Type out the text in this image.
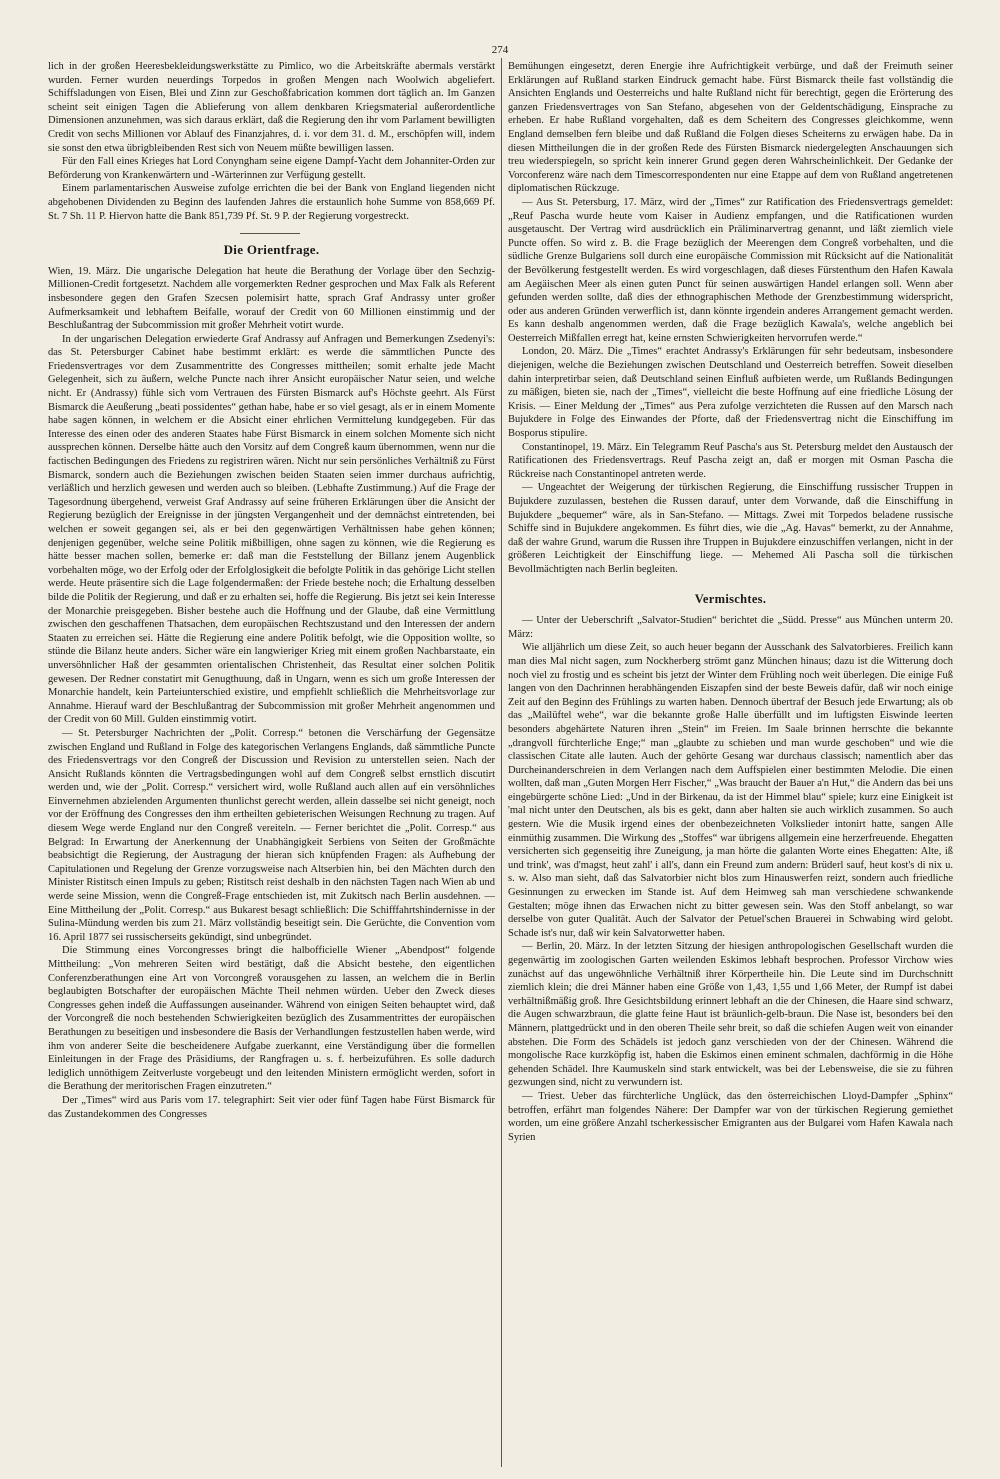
274

lich in der großen Heeresbekleidungswerkstätte zu Pimlico, wo die Arbeitskräfte abermals verstärkt wurden. Ferner wurden neuerdings Torpedos in großen Mengen nach Woolwich abgeliefert. Schiffsladungen von Eisen, Blei und Zinn zur Geschoßfabrication kommen dort täglich an. Im Ganzen scheint seit einigen Tagen die Ablieferung von allem denkbaren Kriegsmaterial außerordentliche Dimensionen anzunehmen, was sich daraus erklärt, daß die Regierung den ihr vom Parlament bewilligten Credit von sechs Millionen vor Ablauf des Finanzjahres, d. i. vor dem 31. d. M., erschöpfen will, indem sie sonst den etwa übrigbleibenden Rest sich von Neuem müßte bewilligen lassen.

Für den Fall eines Krieges hat Lord Conyngham seine eigene Dampf-Yacht dem Johanniter-Orden zur Beförderung von Krankenwärtern und -Wärterinnen zur Verfügung gestellt.

Einem parlamentarischen Ausweise zufolge errichten die bei der Bank von England liegenden nicht abgehobenen Dividenden zu Beginn des laufenden Jahres die erstaunlich hohe Summe von 858,669 Pf. St. 7 Sh. 11 P. Hiervon hatte die Bank 851,739 Pf. St. 9 P. der Regierung vorgestreckt.

Die Orientfrage.

Wien, 19. März. Die ungarische Delegation hat heute die Berathung der Vorlage über den Sechzig-Millionen-Credit fortgesetzt. Nachdem alle vorgemerkten Redner gesprochen und Max Falk als Referent insbesondere gegen den Grafen Szecsen polemisirt hatte, sprach Graf Andrassy unter großer Aufmerksamkeit und lebhaftem Beifalle, worauf der Credit von 60 Millionen einstimmig und der Beschlußantrag der Subcommission mit großer Mehrheit votirt wurde.

In der ungarischen Delegation erwiederte Graf Andrassy auf Anfragen und Bemerkungen Zsedenyi's: das St. Petersburger Cabinet habe bestimmt erklärt: es werde die sämmtlichen Puncte des Friedensvertrages vor dem Zusammentritte des Congresses mittheilen; somit erhalte jede Macht Gelegenheit, sich zu äußern, welche Puncte nach ihrer Ansicht europäischer Natur seien, und welche nicht. Er (Andrassy) fühle sich vom Vertrauen des Fürsten Bismarck auf's Höchste geehrt. Als Fürst Bismarck die Aeußerung „beati possidentes“ gethan habe, habe er so viel gesagt, als er in einem Momente habe sagen können, in welchem er die Absicht einer ehrlichen Vermittelung kundgegeben. Für das Interesse des einen oder des anderen Staates habe Fürst Bismarck in einem solchen Momente sich nicht aussprechen können. Derselbe hätte auch den Vorsitz auf dem Congreß kaum übernommen, wenn nur die factischen Bedingungen des Friedens zu registriren wären. Nicht nur sein persönliches Verhältniß zu Fürst Bismarck, sondern auch die Beziehungen zwischen beiden Staaten seien immer durchaus aufrichtig, verläßlich und herzlich gewesen und werden auch so bleiben. (Lebhafte Zustimmung.) Auf die Frage der Tagesordnung übergehend, verweist Graf Andrassy auf seine früheren Erklärungen über die Ansicht der Regierung bezüglich der Ereignisse in der jüngsten Vergangenheit und der demnächst eintretenden, bei welchen er soweit gegangen sei, als er bei den gegenwärtigen Verhältnissen habe gehen können; denjenigen gegenüber, welche seine Politik mißbilligen, ohne sagen zu können, wie die Regierung es hätte besser machen sollen, bemerke er: daß man die Feststellung der Billanz jenem Augenblick vorbehalten möge, wo der Erfolg oder der Erfolglosigkeit die befolgte Politik in das gehörige Licht stellen werde. Heute präsentire sich die Lage folgendermaßen: der Friede bestehe noch; die Erhaltung desselben bilde die Politik der Regierung, und daß er zu erhalten sei, hoffe die Regierung. Bis jetzt sei kein Interesse der Monarchie preisgegeben. Bisher bestehe auch die Hoffnung und der Glaube, daß eine Vermittlung zwischen den geschaffenen Thatsachen, dem europäischen Rechtszustand und den Interessen der andern Staaten zu erreichen sei. Hätte die Regierung eine andere Politik befolgt, wie die Opposition wollte, so stünde die Bilanz heute anders. Sicher wäre ein langwieriger Krieg mit einem großen Nachbarstaate, ein unversöhnlicher Haß der gesammten orientalischen Christenheit, das Resultat einer solchen Politik gewesen. Der Redner constatirt mit Genugthuung, daß in Ungarn, wenn es sich um große Interessen der Monarchie handelt, kein Parteiunterschied existire, und empfiehlt schließlich die Mehrheitsvorlage zur Annahme. Hierauf ward der Beschlußantrag der Subcommission mit großer Mehrheit angenommen und der Credit von 60 Mill. Gulden einstimmig votirt.

— St. Petersburger Nachrichten der „Polit. Corresp.“ betonen die Verschärfung der Gegensätze zwischen England und Rußland in Folge des kategorischen Verlangens Englands, daß sämmtliche Puncte des Friedensvertrags vor den Congreß der Discussion und Revision zu unterstellen seien. Nach der Ansicht Rußlands könnten die Vertragsbedingungen wohl auf dem Congreß selbst ernstlich discutirt werden und, wie der „Polit. Corresp.“ versichert wird, wolle Rußland auch allen auf ein versöhnliches Einvernehmen abzielenden Argumenten thunlichst gerecht werden, allein dasselbe sei nicht geneigt, noch vor der Eröffnung des Congresses den ihm ertheilten gebieterischen Weisungen Rechnung zu tragen. Auf diesem Wege werde England nur den Congreß vereiteln. — Ferner berichtet die „Polit. Corresp.“ aus Belgrad: In Erwartung der Anerkennung der Unabhängigkeit Serbiens von Seiten der Großmächte beabsichtigt die Regierung, der Austragung der hieran sich knüpfenden Fragen: als Aufhebung der Capitulationen und Regelung der Grenze vorzugsweise nach Altserbien hin, bei den Mächten durch den Minister Ristitsch einen Impuls zu geben; Ristitsch reist deshalb in den nächsten Tagen nach Wien ab und werde seine Mission, wenn die Congreß-Frage entschieden ist, mit Zukitsch nach Berlin ausdehnen. — Eine Mittheilung der „Polit. Corresp.“ aus Bukarest besagt schließlich: Die Schifffahrtshindernisse in der Sulina-Mündung werden bis zum 21. März vollständig beseitigt sein. Die Gerüchte, die Convention vom 16. April 1877 sei russischerseits gekündigt, sind unbegründet.

Die Stimmung eines Vorcongresses bringt die halbofficielle Wiener „Abendpost“ folgende Mittheilung: „Von mehreren Seiten wird bestätigt, daß die Absicht bestehe, den eigentlichen Conferenzberathungen eine Art von Vorcongreß vorausgehen zu lassen, an welchem die in Berlin beglaubigten Botschafter der europäischen Mächte Theil nehmen würden. Ueber den Zweck dieses Congresses gehen indeß die Auffassungen auseinander. Während von einigen Seiten behauptet wird, daß der Vorcongreß die noch bestehenden Schwierigkeiten bezüglich des Zusammentrittes der europäischen Berathungen zu beseitigen und insbesondere die Basis der Verhandlungen festzustellen haben werde, wird ihm von anderer Seite die bescheidenere Aufgabe zuerkannt, eine Verständigung über die formellen Einleitungen in der Frage des Präsidiums, der Rangfragen u. s. f. herbeizuführen. Es solle dadurch lediglich unnöthigem Zeitverluste vorgebeugt und den leitenden Ministern ermöglicht werden, sofort in die Berathung der meritorischen Fragen einzutreten.“

Der „Times“ wird aus Paris vom 17. telegraphirt: Seit vier oder fünf Tagen habe Fürst Bismarck für das Zustandekommen des Congresses

Bemühungen eingesetzt, deren Energie ihre Aufrichtigkeit verbürge, und daß der Freimuth seiner Erklärungen auf Rußland starken Eindruck gemacht habe. Fürst Bismarck theile fast vollständig die Ansichten Englands und Oesterreichs und halte Rußland nicht für berechtigt, gegen die Erörterung des ganzen Friedensvertrages von San Stefano, abgesehen von der Geldentschädigung, Einsprache zu erheben. Er habe Rußland vorgehalten, daß es dem Scheitern des Congresses gleichkomme, wenn England demselben fern bleibe und daß Rußland die Folgen dieses Scheiterns zu erwägen habe. Da in diesen Mittheilungen die in der großen Rede des Fürsten Bismarck niedergelegten Anschauungen sich treu wiederspiegeln, so spricht kein innerer Grund gegen deren Wahrscheinlichkeit. Der Gedanke der Vorconferenz wäre nach dem Timescorrespondenten nur eine Etappe auf dem von Rußland angetretenen diplomatischen Rückzuge.

— Aus St. Petersburg, 17. März, wird der „Times“ zur Ratification des Friedensvertrags gemeldet: „Reuf Pascha wurde heute vom Kaiser in Audienz empfangen, und die Ratificationen wurden ausgetauscht. Der Vertrag wird ausdrücklich ein Präliminarvertrag genannt, und läßt ziemlich viele Puncte offen. So wird z. B. die Frage bezüglich der Meerengen dem Congreß vorbehalten, und die südliche Grenze Bulgariens soll durch eine europäische Commission mit Rücksicht auf die Nationalität der Bevölkerung festgestellt werden. Es wird vorgeschlagen, daß dieses Fürstenthum den Hafen Kawala am Aegäischen Meer als einen guten Punct für seinen auswärtigen Handel erlangen soll. Wenn aber gefunden werden sollte, daß dies der ethnographischen Methode der Grenzbestimmung widerspricht, oder aus anderen Gründen verwerflich ist, dann könnte irgendein anderes Arrangement gemacht werden. Es kann deshalb angenommen werden, daß die Frage bezüglich Kawala's, welche angeblich bei Oesterreich Mißfallen erregt hat, keine ernsten Schwierigkeiten hervorrufen werde.“

London, 20. März. Die „Times“ erachtet Andrassy's Erklärungen für sehr bedeutsam, insbesondere diejenigen, welche die Beziehungen zwischen Deutschland und Oesterreich betreffen. Soweit dieselben dahin interpretirbar seien, daß Deutschland seinen Einfluß aufbieten werde, um Rußlands Bedingungen zu mäßigen, bieten sie, nach der „Times“, vielleicht die beste Hoffnung auf eine friedliche Lösung der Krisis. — Einer Meldung der „Times“ aus Pera zufolge verzichteten die Russen auf den Marsch nach Bujukdere in Folge des Einwandes der Pforte, daß der Friedensvertrag nicht die Einschiffung im Bosporus stipulire.

Constantinopel, 19. März. Ein Telegramm Reuf Pascha's aus St. Petersburg meldet den Austausch der Ratificationen des Friedensvertrags. Reuf Pascha zeigt an, daß er morgen mit Osman Pascha die Rückreise nach Constantinopel antreten werde.

— Ungeachtet der Weigerung der türkischen Regierung, die Einschiffung russischer Truppen in Bujukdere zuzulassen, bestehen die Russen darauf, unter dem Vorwande, daß die Einschiffung in Bujukdere „bequemer“ wäre, als in San-Stefano. — Mittags. Zwei mit Torpedos beladene russische Schiffe sind in Bujukdere angekommen. Es führt dies, wie die „Ag. Havas“ bemerkt, zu der Annahme, daß der wahre Grund, warum die Russen ihre Truppen in Bujukdere einzuschiffen verlangen, nicht in der größeren Leichtigkeit der Einschiffung liege. — Mehemed Ali Pascha soll die türkischen Bevollmächtigten nach Berlin begleiten.

Vermischtes.

— Unter der Ueberschrift „Salvator-Studien“ berichtet die „Südd. Presse“ aus München unterm 20. März:

Wie alljährlich um diese Zeit, so auch heuer begann der Ausschank des Salvatorbieres. Freilich kann man dies Mal nicht sagen, zum Nockherberg strömt ganz München hinaus; dazu ist die Witterung doch noch viel zu frostig und es scheint bis jetzt der Winter dem Frühling noch weit überlegen. Die einige Fuß langen von den Dachrinnen herabhängenden Eiszapfen sind der beste Beweis dafür, daß wir noch einige Zeit auf den Beginn des Frühlings zu warten haben. Dennoch übertraf der Besuch jede Erwartung; als ob das „Mailüftel wehe“, war die bekannte große Halle überfüllt und im luftigsten Eiswinde leerten besonders abgehärtete Naturen ihren „Stein“ im Freien. Im Saale brinnen herrschte die bekannte „drangvoll fürchterliche Enge;“ man „glaubte zu schieben und man wurde geschoben“ und wie die classischen Citate alle lauten. Auch der gehörte Gesang war durchaus classisch; namentlich aber das Durcheinanderschreien in dem Verlangen nach dem Auffspielen einer bestimmten Melodie. Die einen wollten, daß man „Guten Morgen Herr Fischer,“ „Was braucht der Bauer a'n Hut,“ die Andern das bei uns eingebürgerte schöne Lied: „Und in der Birkenau, da ist der Himmel blau“ spiele; kurz eine Einigkeit ist 'mal nicht unter den Deutschen, als bis es gekt, dann aber halten sie auch wirklich zusammen. So auch gestern. Wie die Musik irgend eines der obenbezeichneten Volkslieder intonirt hatte, sangen Alle einmüthig zusammen. Die Wirkung des „Stoffes“ war übrigens allgemein eine herzerfreuende. Ehegatten versicherten sich gegenseitig ihre Zuneigung, ja man hörte die galanten Worte eines Ehegatten: Alte, iß und trink', was d'magst, heut zahl' i all's, dann ein Freund zum andern: Brüderl sauf, heut kost's di nix u. s. w. Also man sieht, daß das Salvatorbier nicht blos zum Hinauswerfen reizt, sondern auch friedliche Gesinnungen zu erwecken im Stande ist. Auf dem Heimweg sah man verschiedene schwankende Gestalten; möge ihnen das Erwachen nicht zu bitter gewesen sein. Was den Stoff anbelangt, so war derselbe von guter Qualität. Auch der Salvator der Petuel'schen Brauerei in Schwabing wird gelobt. Schade ist's nur, daß wir kein Salvatorwetter haben.

— Berlin, 20. März. In der letzten Sitzung der hiesigen anthropologischen Gesellschaft wurden die gegenwärtig im zoologischen Garten weilenden Eskimos lebhaft besprochen. Professor Virchow wies zunächst auf das ungewöhnliche Verhältniß ihrer Körpertheile hin. Die Leute sind im Durchschnitt ziemlich klein; die drei Männer haben eine Größe von 1,43, 1,55 und 1,66 Meter, der Rumpf ist dabei verhältnißmäßig groß. Ihre Gesichtsbildung erinnert lebhaft an die der Chinesen, die Haare sind schwarz, die Augen schwarzbraun, die glatte feine Haut ist bräunlich-gelb-braun. Die Nase ist, besonders bei den Männern, plattgedrückt und in den oberen Theile sehr breit, so daß die schiefen Augen weit von einander abstehen. Die Form des Schädels ist jedoch ganz verschieden von der der Chinesen. Während die mongolische Race kurzköpfig ist, haben die Eskimos einen eminent schmalen, dachförmig in die Höhe gehenden Schädel. Ihre Kaumuskeln sind stark entwickelt, was bei der Lebensweise, die sie zu führen gezwungen sind, nicht zu verwundern ist.

— Triest. Ueber das fürchterliche Unglück, das den österreichischen Lloyd-Dampfer „Sphinx“ betroffen, erfährt man folgendes Nähere: Der Dampfer war von der türkischen Regierung gemiethet worden, um eine größere Anzahl tscherkessischer Emigranten aus der Bulgarei vom Hafen Kawala nach Syrien
